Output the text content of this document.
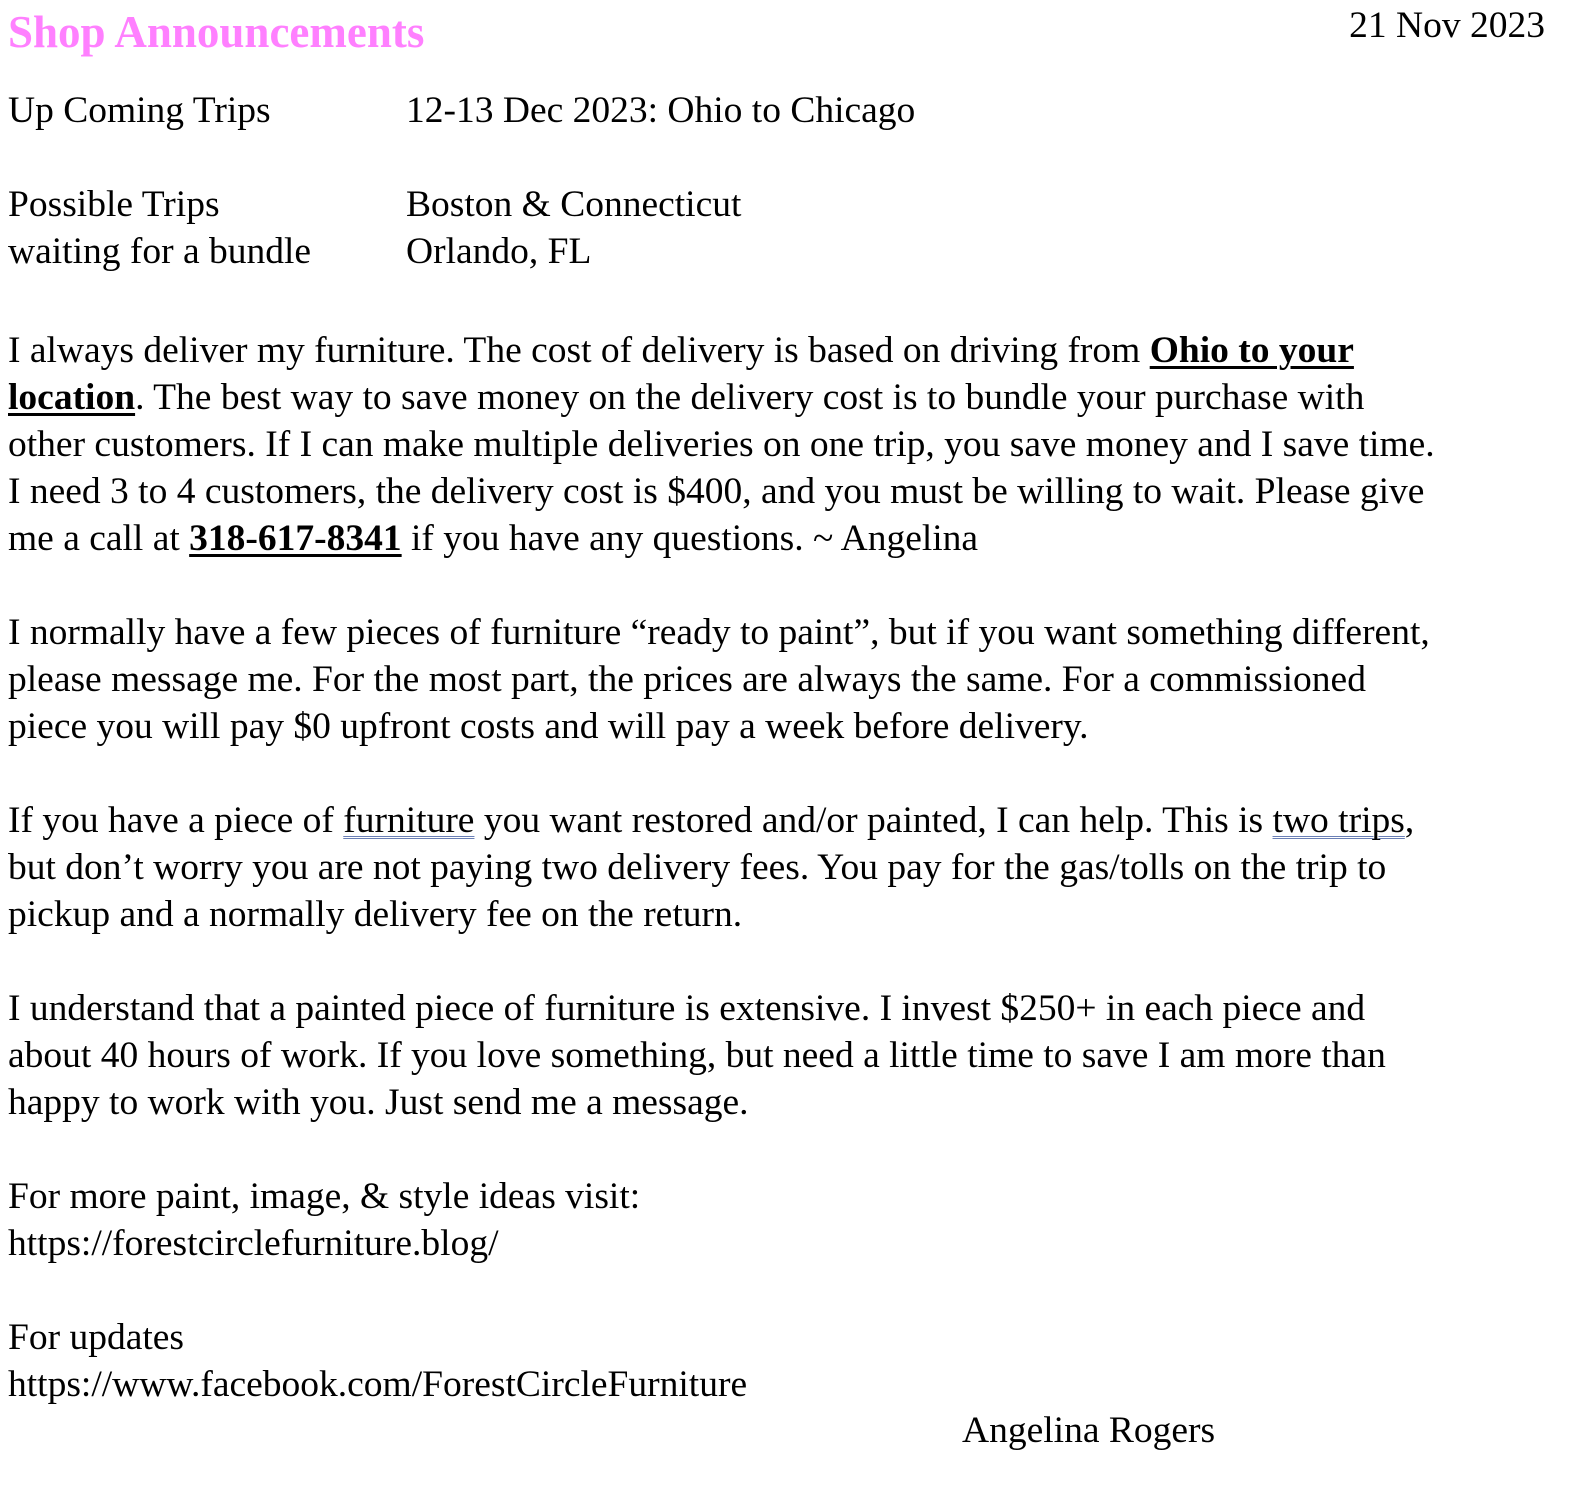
Shop Announcements	21 Nov 2023
Up Coming Trips	12-13 Dec 2023: Ohio to Chicago
Possible Trips	Boston & Connecticut
waiting for a bundle	Orlando, FL

I always deliver my furniture. The cost of delivery is based on driving from Ohio to your
location. The best way to save money on the delivery cost is to bundle your purchase with
other customers. If I can make multiple deliveries on one trip, you save money and I save time.
I need 3 to 4 customers, the delivery cost is $400, and you must be willing to wait. Please give
me a call at 318-617-8341 if you have any questions. ~ Angelina

I normally have a few pieces of furniture “ready to paint”, but if you want something different,
please message me. For the most part, the prices are always the same. For a commissioned
piece you will pay $0 upfront costs and will pay a week before delivery.

If you have a piece of furniture you want restored and/or painted, I can help. This is two trips,
but don’t worry you are not paying two delivery fees. You pay for the gas/tolls on the trip to
pickup and a normally delivery fee on the return.

I understand that a painted piece of furniture is extensive. I invest $250+ in each piece and
about 40 hours of work. If you love something, but need a little time to save I am more than
happy to work with you. Just send me a message.

For more paint, image, & style ideas visit:
https://forestcirclefurniture.blog/

For updates
https://www.facebook.com/ForestCircleFurniture

Angelina Rogers
